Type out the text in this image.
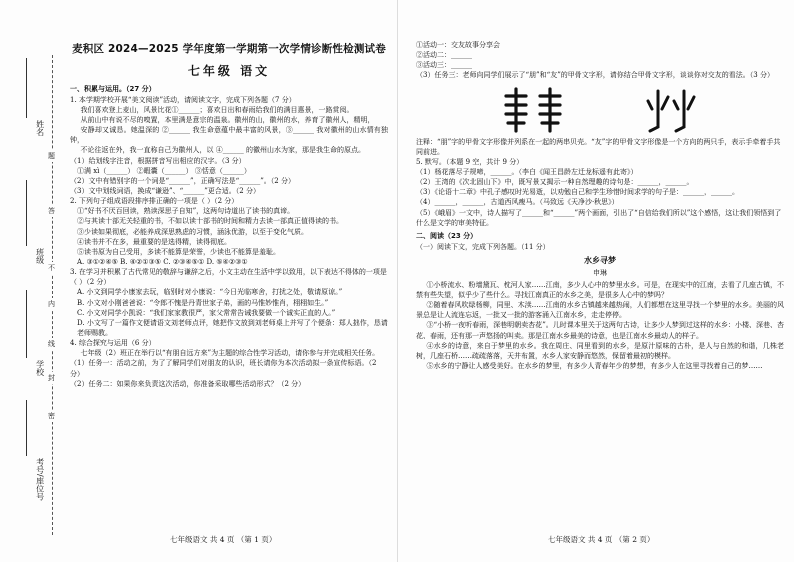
姓名
班级
学校
考号/座位号
题
答
不
内
线
封
密
麦积区 2024—2025 学年度第一学期第一次学情诊断性检测试卷
七年级 语文
一、积累与运用。（27 分）

1. 本学期学校开展“美文阅读”活动，请阅读文字，完成下列各题（7 分）

我们喜欢登上麦山，风景比花①______；喜欢日出和春雨给我们的满目惠景，一路赏阅。

从前山中有说不尽的嗅置，本里满是意宗的温泉。徽州的山，徽州的水，养育了徽州人，精明，

安静却又诚恳。她温深的 ②______ 我生命意蕴中最丰富的风景，③______ 我对徽州的山水情有独钟，

不论往返在外，我一直称自己为徽州人，以 ④______ 的徽州山水为家，那是我生命的原点。

（1）给划线字注音，根据拼音写出相应的汉字。（3 分）

①满 xì（______） ②暇囊（______） ③恬意（______）

（2）文中有错别字的一个词是“______”，正确写法是“______”。（2 分）

（3）文中划线词语，换成“谦逊”、“______”更合适。（2 分）

2. 下列句子组成语段排序排正确的一项是（ ）（2 分）

①“好书不厌百回读，熟读深思子自知”，这两句诗道出了读书的真谛。

②与其读十部无关轻重的书，不如以读十部书的时间和精力去读一部真正值得读的书。

③少读如果彻底，必能养成深思熟虑的习惯，涵泳优游，以至于变化气质。

④读书并不在多，最重要的是选得精，读得彻底。

⑤读书原为自己受用，多读不能算是荣誉，少读也不能算是羞耻。

A. ③①②④⑤ B. ④②①③⑤ C. ②③④⑤① D. ⑤④②③①

3. 在学习并积累了古代常见的敬辞与谦辞之后，小文主动在生活中学以致用，以下表达不得体的一项是（ ）（2 分）

A. 小文到同学小康家去玩，临别时对小康说：“今日光临寒舍，打扰之处，敬请原谅。”

B. 小文对小刚爸爸说：“令郎不愧是丹青世家子弟，画的马惟妙惟肖，栩栩如生。”

C. 小文对同学小凯说：“我们家家教很严，家父常常告诫我要做一个诚实正直的人。”

D. 小文写了一篇作文便请语文刘老师点评，她把作文放到刘老师桌上并写了个便条：郑人拙作，恳请老师赐教。

4. 综合探究与运用（6 分）

七年级（2）班正在举行以“有朋自远方来”为主题的综合性学习活动，请你参与并完成相关任务。

（1）任务一：活动之前，为了了解同学们对朋友的认识，班长请你为本次活动拟一条宣传标语。（2 分）

（2）任务二：如果你来负责这次活动，你准备采取哪些活动形式？（2 分）

七年级语文 共 4 页 （第 1 页）

①活动一：交友故事分享会

②活动二：______

③活动三：______

（3）任务三：老师向同学们展示了“朋”和“友”的甲骨文字形，请你结合甲骨文字形，谈谈你对交友的看法。（3 分）

注释：“朋”字的甲骨文字形像并列系在一起的两串贝壳。“友”字的甲骨文字形像是一个方向的两只手，表示手牵着手共同前进。

5. 默写。（本题 9 空，共计 9 分）

（1）杨花落尽子规啼，______。（李白《闻王昌龄左迁龙标遥有此寄》）

（2）王湾的《次北固山下》中，既写景又揭示一种自然理趣的诗句是：______，______。

（3）《论语十二章》中孔子感叹时光易逝，以劝勉自己和学生珍惜时间求学的句子是：______，______。

（4）______，______，古道西风瘦马。（马致远《天净沙·秋思》）

（5）《峨眉》一文中，诗人描写了______和“______”两个画面，引出了“自信给我们所以”这个感悟，这让我们领悟到了什么是文学的审美特征。

二、阅读（23 分）

（一）阅读下文，完成下列各题。（11 分）

水乡寻梦
申琳

①小桥流水、粉墙黛瓦、枕河人家……江南，多少人心中的梦里水乡。可是，在现实中的江南，去看了几座古镇，不禁有些失望，似乎少了些什么。寻找江南真正的水乡之美，是很多人心中的梦吗？

②随着春风吹绿杨柳，同里、木渎……江南的水乡古镇越来越热闹，人们都想在这里寻找一个梦里的水乡。美丽的风景总是让人流连忘返，一批又一批的游客涌入江南水乡，走走停停。

③“小桥一夜听春雨，深巷明朝卖杏花”。儿时课本里关于这两句古诗，让多少人梦到过这样的水乡：小楼、深巷、杏花、春雨，还有那一声悠扬的叫卖。那是江南水乡最美的诗意，也是江南水乡最动人的样子。

④水乡的诗意，来自于梦里的水乡。我在周庄、同里看到的水乡，是原汁原味的古朴，是人与自然的和谐，几株老树，几座石桥……疏疏落落，天井布置，水乡人家安静而悠然，保留着最初的模样。

⑤水乡的宁静让人感受美好。在水乡的梦里，有多少人青春年少的梦想，有多少人在这里寻找着自己的梦……

七年级语文 共 4 页 （第 2 页）
